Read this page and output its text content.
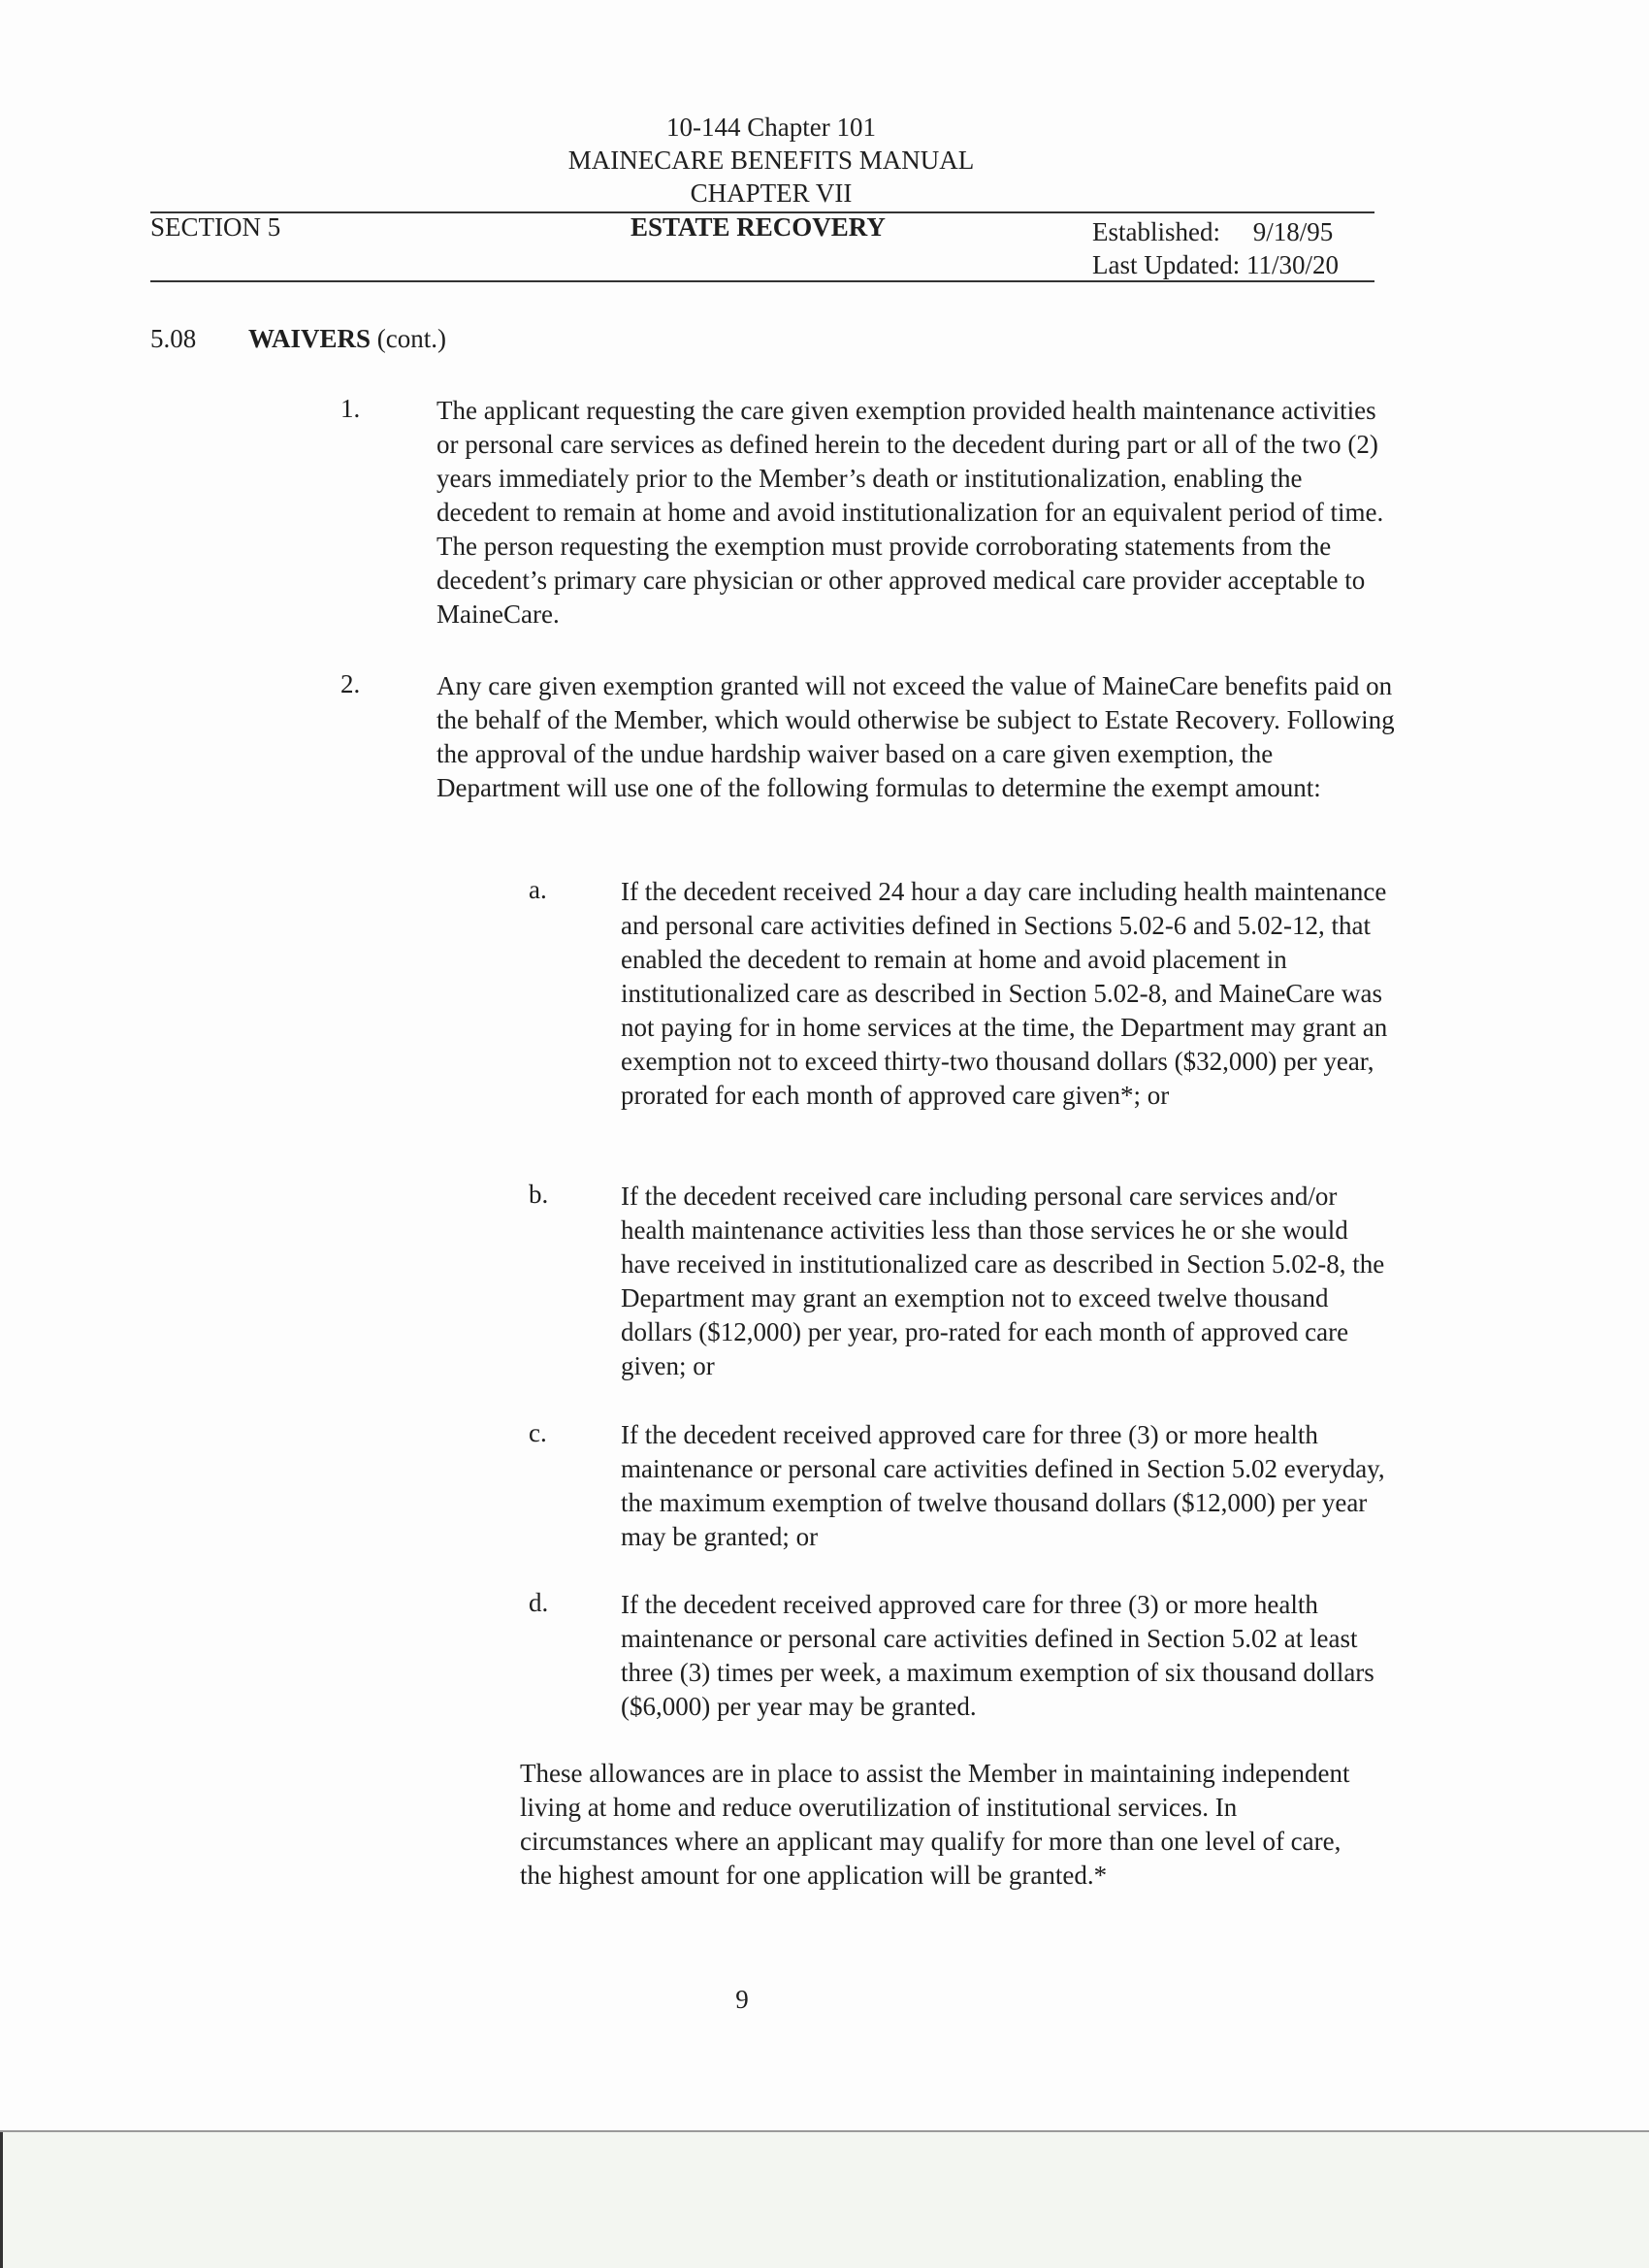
10-144 Chapter 101
MAINECARE BENEFITS MANUAL
CHAPTER VII
SECTION 5	ESTATE RECOVERY	Established:     9/18/95
Last Updated: 11/30/20
5.08 WAIVERS (cont.)
1.	The applicant requesting the care given exemption provided health maintenance activities or personal care services as defined herein to the decedent during part or all of the two (2) years immediately prior to the Member’s death or institutionalization, enabling the decedent to remain at home and avoid institutionalization for an equivalent period of time. The person requesting the exemption must provide corroborating statements from the decedent’s primary care physician or other approved medical care provider acceptable to MaineCare.

2.	Any care given exemption granted will not exceed the value of MaineCare benefits paid on the behalf of the Member, which would otherwise be subject to Estate Recovery. Following the approval of the undue hardship waiver based on a care given exemption, the Department will use one of the following formulas to determine the exempt amount:

a.	If the decedent received 24 hour a day care including health maintenance and personal care activities defined in Sections 5.02-6 and 5.02-12, that enabled the decedent to remain at home and avoid placement in institutionalized care as described in Section 5.02-8, and MaineCare was not paying for in home services at the time, the Department may grant an exemption not to exceed thirty-two thousand dollars ($32,000) per year, prorated for each month of approved care given*; or

b.	If the decedent received care including personal care services and/or health maintenance activities less than those services he or she would have received in institutionalized care as described in Section 5.02-8, the Department may grant an exemption not to exceed twelve thousand dollars ($12,000) per year, pro-rated for each month of approved care given; or

c.	If the decedent received approved care for three (3) or more health maintenance or personal care activities defined in Section 5.02 everyday, the maximum exemption of twelve thousand dollars ($12,000) per year may be granted; or

d.	If the decedent received approved care for three (3) or more health maintenance or personal care activities defined in Section 5.02 at least three (3) times per week, a maximum exemption of six thousand dollars ($6,000) per year may be granted.

These allowances are in place to assist the Member in maintaining independent living at home and reduce overutilization of institutional services. In circumstances where an applicant may qualify for more than one level of care, the highest amount for one application will be granted.*

9
